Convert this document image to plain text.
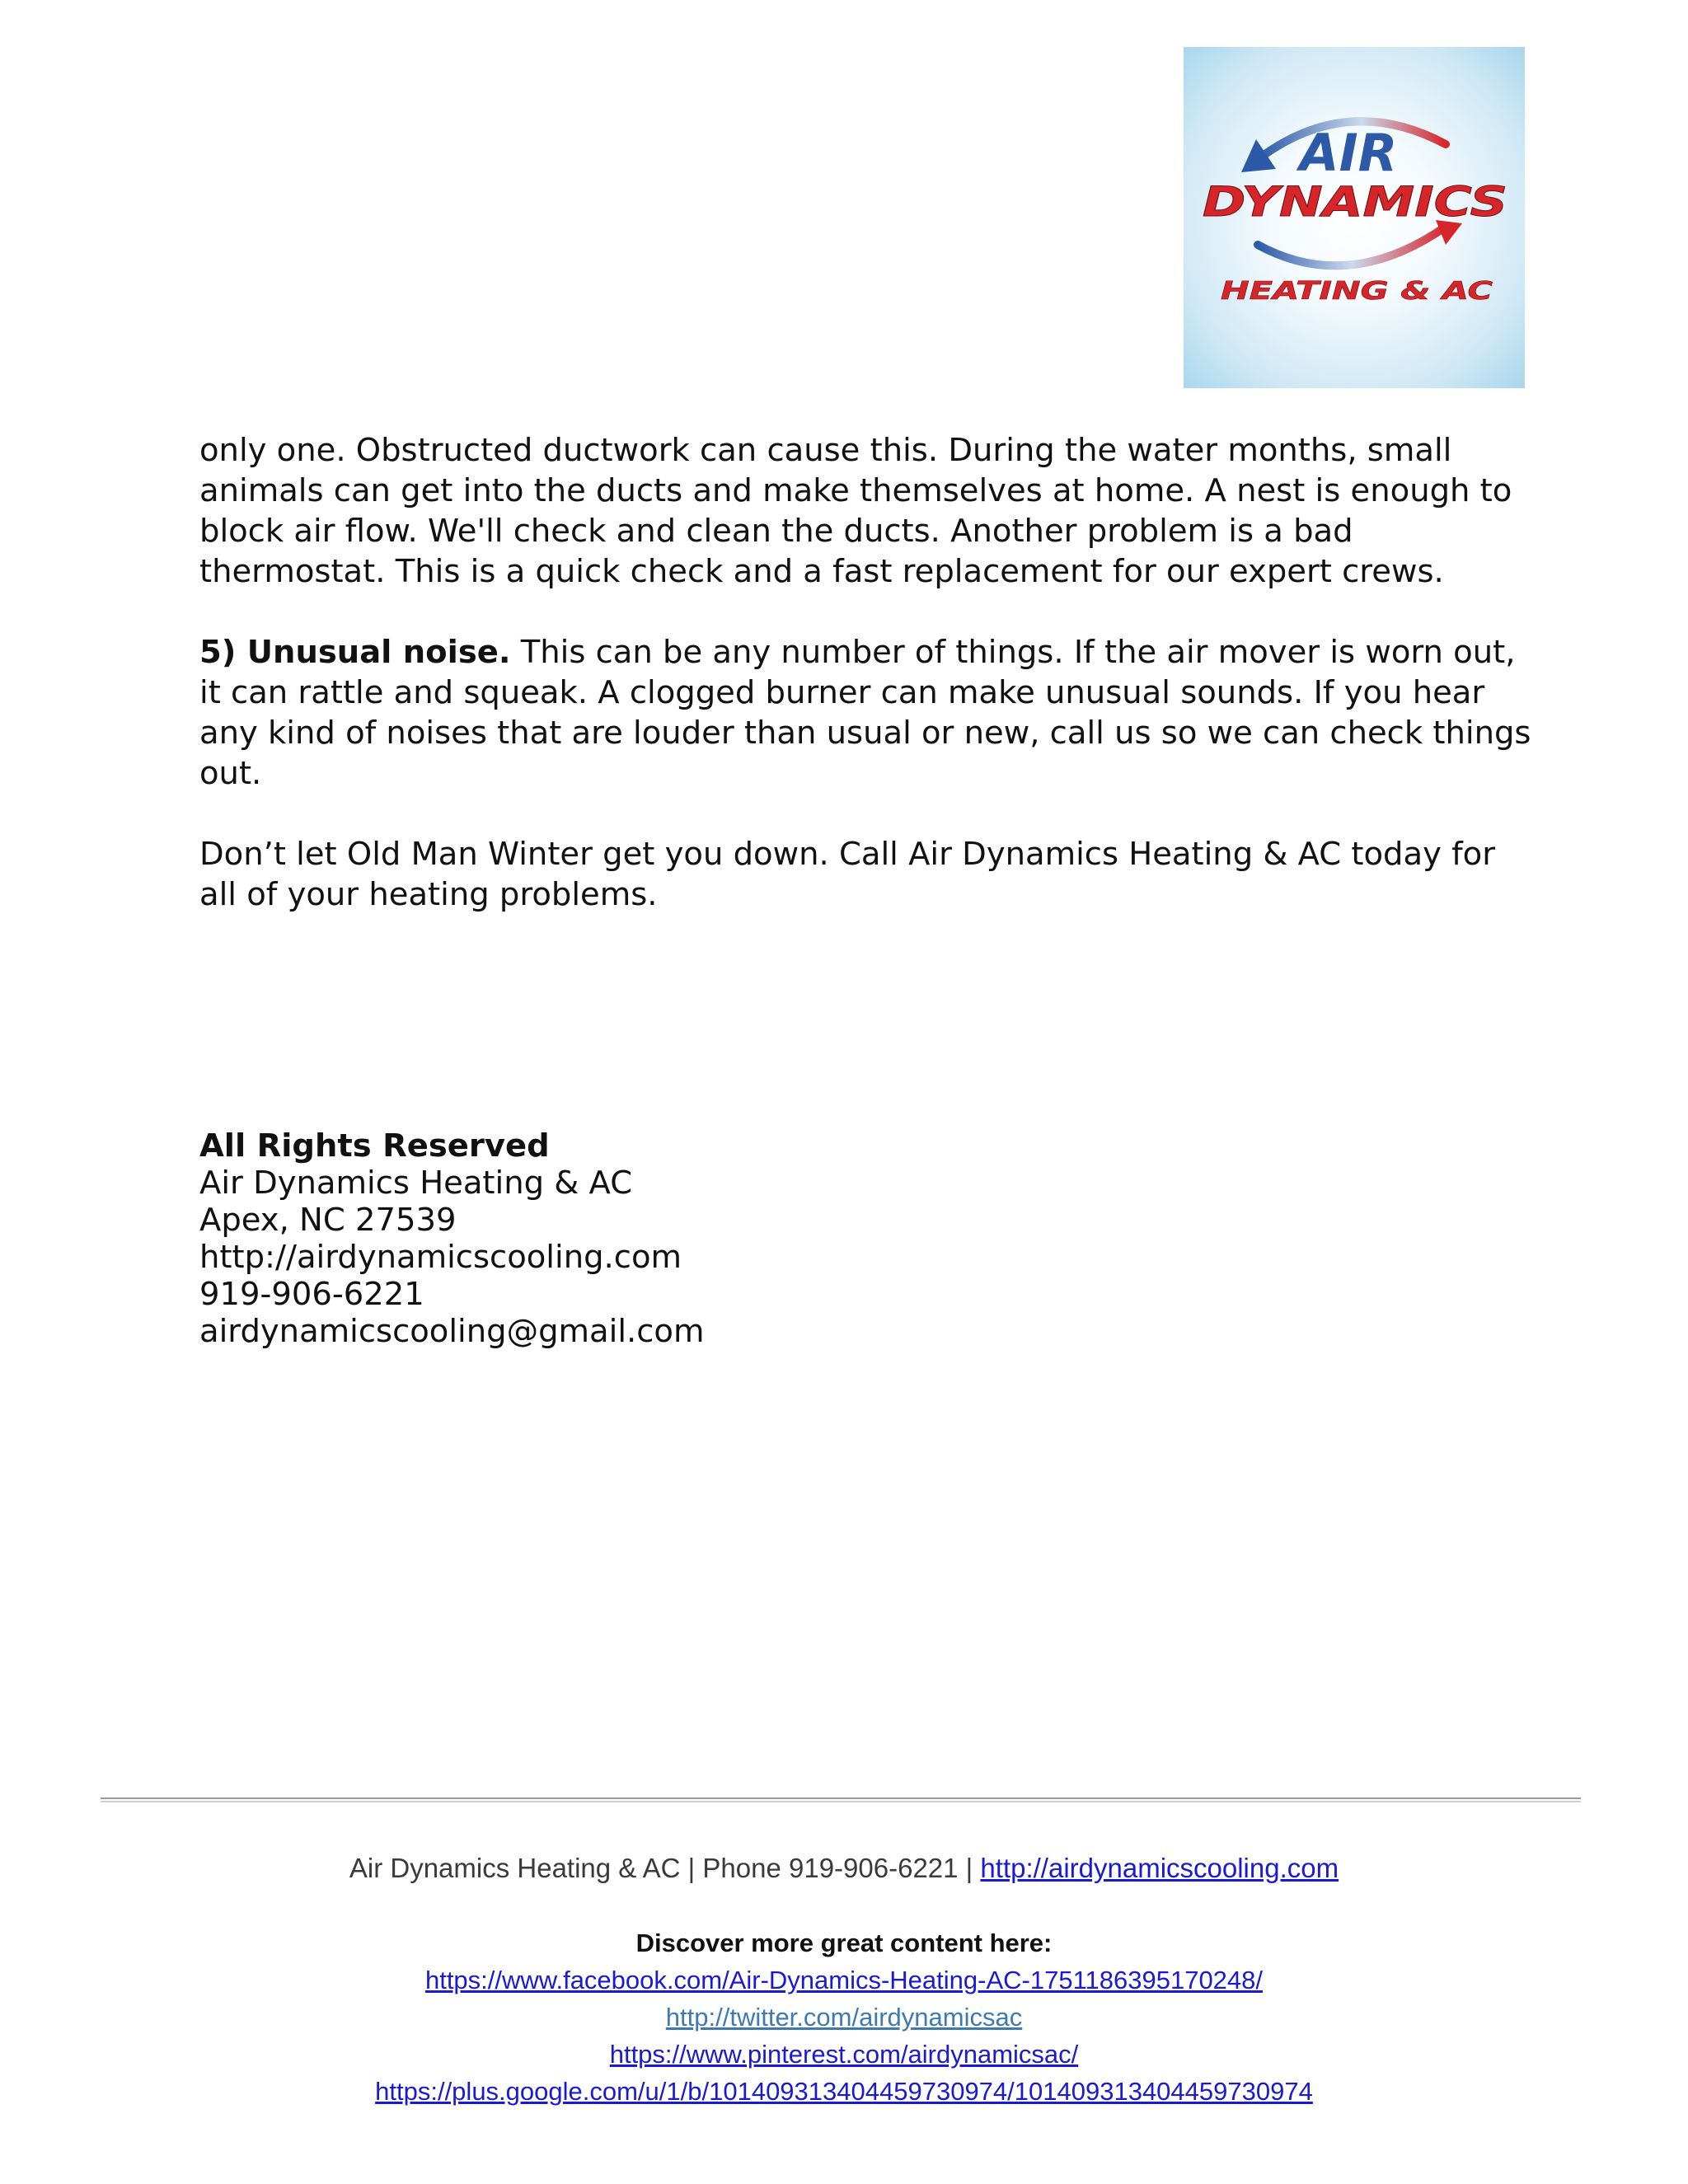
AIR
DYNAMICS
HEATING & AC

only one. Obstructed ductwork can cause this. During the water months, small animals can get into the ducts and make themselves at home. A nest is enough to block air flow. We'll check and clean the ducts. Another problem is a bad thermostat. This is a quick check and a fast replacement for our expert crews.

5) Unusual noise. This can be any number of things. If the air mover is worn out, it can rattle and squeak. A clogged burner can make unusual sounds. If you hear any kind of noises that are louder than usual or new, call us so we can check things out.

Don’t let Old Man Winter get you down. Call Air Dynamics Heating & AC today for all of your heating problems.

All Rights Reserved
Air Dynamics Heating & AC
Apex, NC 27539
http://airdynamicscooling.com
919-906-6221
airdynamicscooling@gmail.com
Air Dynamics Heating & AC | Phone 919-906-6221 | http://airdynamicscooling.com
Discover more great content here:
https://www.facebook.com/Air-Dynamics-Heating-AC-1751186395170248/
http://twitter.com/airdynamicsac
https://www.pinterest.com/airdynamicsac/
https://plus.google.com/u/1/b/101409313404459730974/101409313404459730974
